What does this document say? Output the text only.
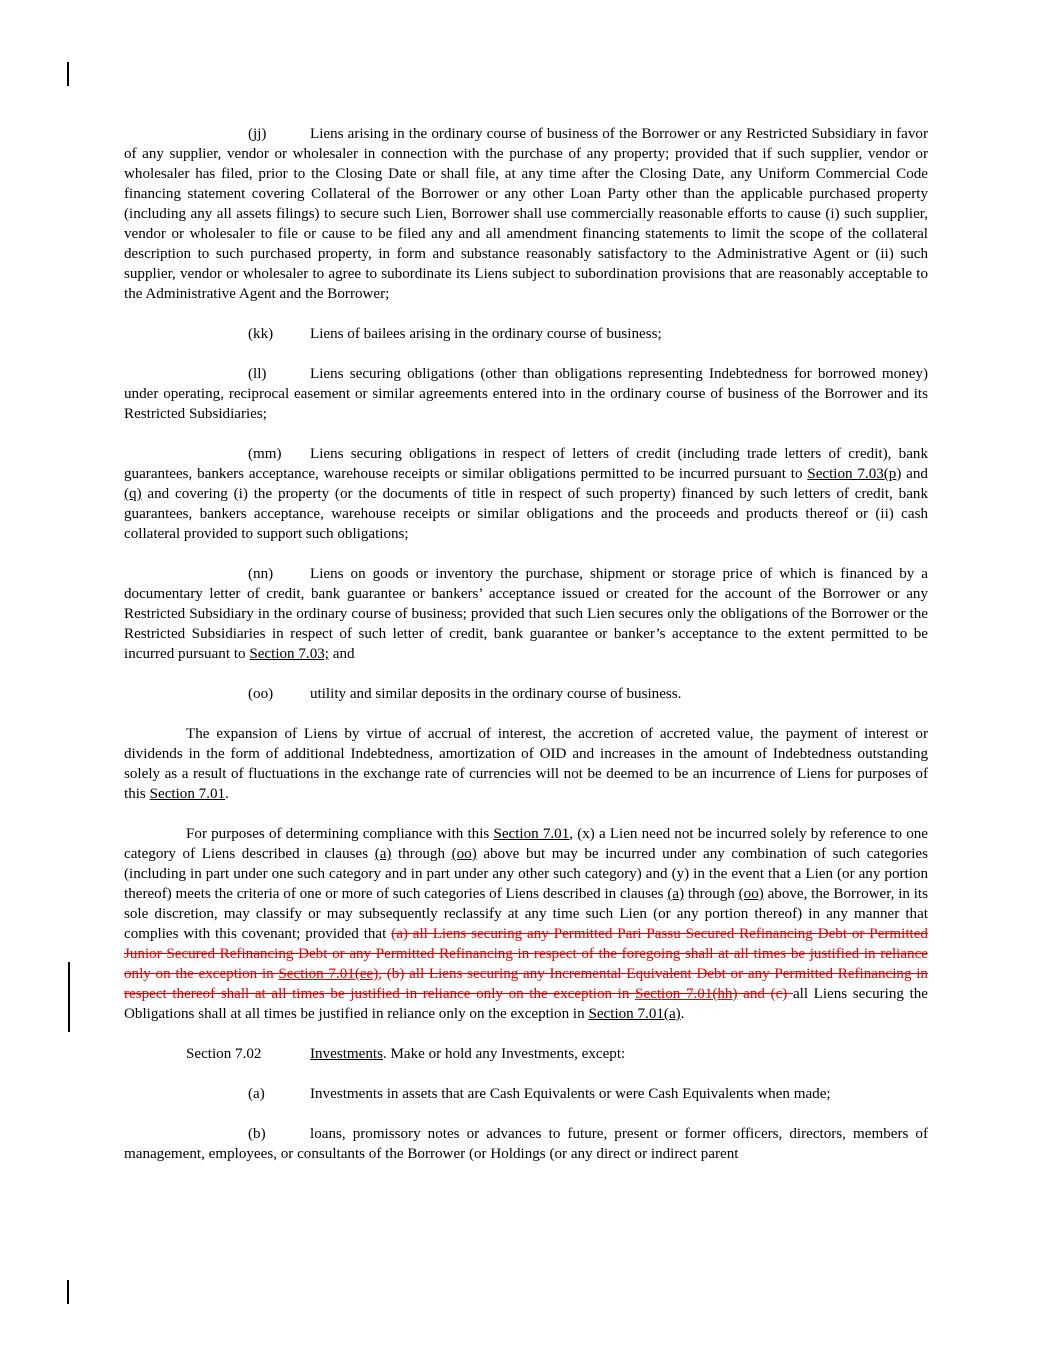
(jj)	Liens arising in the ordinary course of business of the Borrower or any Restricted Subsidiary in favor of any supplier, vendor or wholesaler in connection with the purchase of any property; provided that if such supplier, vendor or wholesaler has filed, prior to the Closing Date or shall file, at any time after the Closing Date, any Uniform Commercial Code financing statement covering Collateral of the Borrower or any other Loan Party other than the applicable purchased property (including any all assets filings) to secure such Lien, Borrower shall use commercially reasonable efforts to cause (i) such supplier, vendor or wholesaler to file or cause to be filed any and all amendment financing statements to limit the scope of the collateral description to such purchased property, in form and substance reasonably satisfactory to the Administrative Agent or (ii) such supplier, vendor or wholesaler to agree to subordinate its Liens subject to subordination provisions that are reasonably acceptable to the Administrative Agent and the Borrower;

(kk) Liens of bailees arising in the ordinary course of business;

(ll)	Liens securing obligations (other than obligations representing Indebtedness for borrowed money) under operating, reciprocal easement or similar agreements entered into in the ordinary course of business of the Borrower and its Restricted Subsidiaries;

(mm) Liens securing obligations in respect of letters of credit (including trade letters of credit), bank guarantees, bankers acceptance, warehouse receipts or similar obligations permitted to be incurred pursuant to Section 7.03(p) and (q) and covering (i) the property (or the documents of title in respect of such property) financed by such letters of credit, bank guarantees, bankers acceptance, warehouse receipts or similar obligations and the proceeds and products thereof or (ii) cash collateral provided to support such obligations;

(nn) Liens on goods or inventory the purchase, shipment or storage price of which is financed by a documentary letter of credit, bank guarantee or bankers’ acceptance issued or created for the account of the Borrower or any Restricted Subsidiary in the ordinary course of business; provided that such Lien secures only the obligations of the Borrower or the Restricted Subsidiaries in respect of such letter of credit, bank guarantee or banker’s acceptance to the extent permitted to be incurred pursuant to Section 7.03; and

(oo) utility and similar deposits in the ordinary course of business.

The expansion of Liens by virtue of accrual of interest, the accretion of accreted value, the payment of interest or dividends in the form of additional Indebtedness, amortization of OID and increases in the amount of Indebtedness outstanding solely as a result of fluctuations in the exchange rate of currencies will not be deemed to be an incurrence of Liens for purposes of this Section 7.01.

For purposes of determining compliance with this Section 7.01, (x) a Lien need not be incurred solely by reference to one category of Liens described in clauses (a) through (oo) above but may be incurred under any combination of such categories (including in part under one such category and in part under any other such category) and (y) in the event that a Lien (or any portion thereof) meets the criteria of one or more of such categories of Liens described in clauses (a) through (oo) above, the Borrower, in its sole discretion, may classify or may subsequently reclassify at any time such Lien (or any portion thereof) in any manner that complies with this covenant; provided that (a) all Liens securing any Permitted Pari Passu Secured Refinancing Debt or Permitted Junior Secured Refinancing Debt or any Permitted Refinancing in respect of the foregoing shall at all times be justified in reliance only on the exception in Section 7.01(ee), (b) all Liens securing any Incremental Equivalent Debt or any Permitted Refinancing in respect thereof shall at all times be justified in reliance only on the exception in Section 7.01(hh) and (c) all Liens securing the Obligations shall at all times be justified in reliance only on the exception in Section 7.01(a).

Section 7.02	Investments. Make or hold any Investments, except:

(a)	Investments in assets that are Cash Equivalents or were Cash Equivalents when made;

(b)	loans, promissory notes or advances to future, present or former officers, directors, members of management, employees, or consultants of the Borrower (or Holdings (or any direct or indirect parent
